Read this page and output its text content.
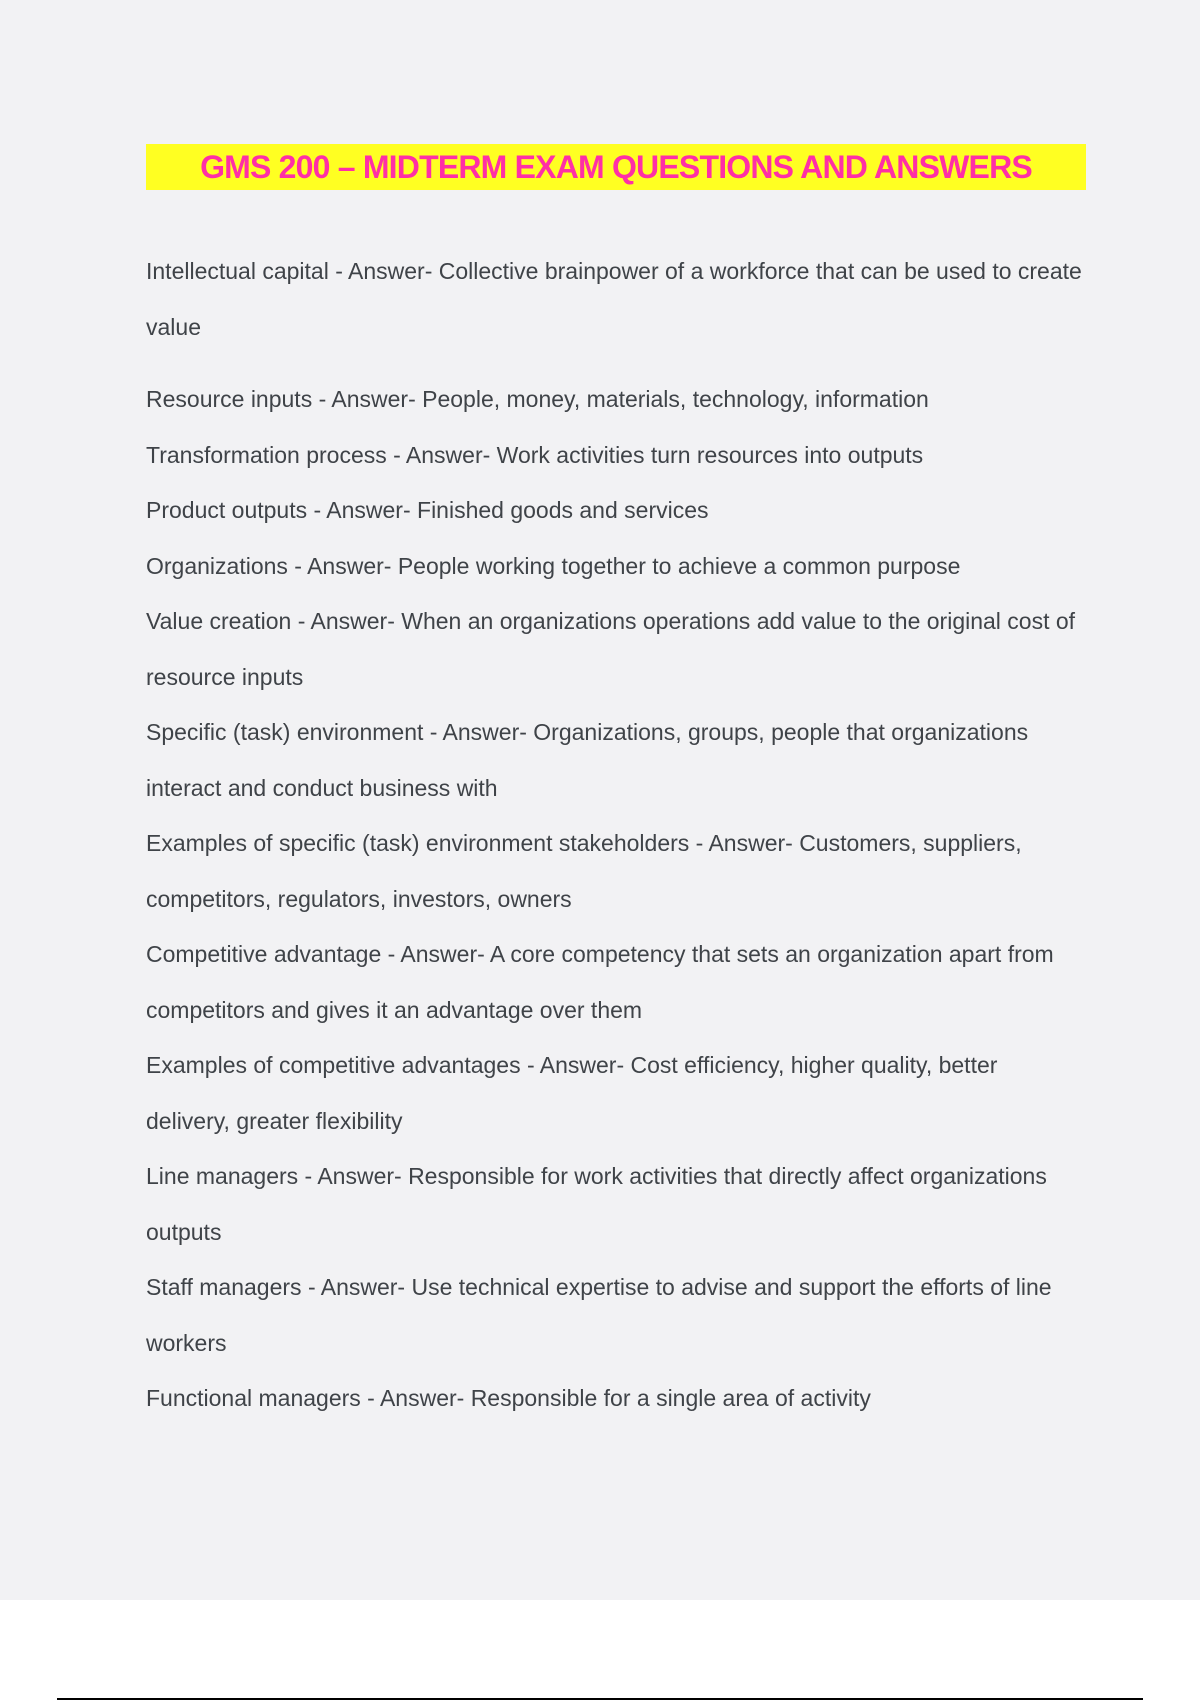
GMS 200 – MIDTERM EXAM QUESTIONS AND ANSWERS

Intellectual capital - Answer- Collective brainpower of a workforce that can be used to create value

Resource inputs - Answer- People, money, materials, technology, information

Transformation process - Answer- Work activities turn resources into outputs

Product outputs - Answer- Finished goods and services

Organizations - Answer- People working together to achieve a common purpose

Value creation - Answer- When an organizations operations add value to the original cost of resource inputs

Specific (task) environment - Answer- Organizations, groups, people that organizations interact and conduct business with

Examples of specific (task) environment stakeholders - Answer- Customers, suppliers, competitors, regulators, investors, owners

Competitive advantage - Answer- A core competency that sets an organization apart from competitors and gives it an advantage over them

Examples of competitive advantages - Answer- Cost efficiency, higher quality, better delivery, greater flexibility

Line managers - Answer- Responsible for work activities that directly affect organizations outputs

Staff managers - Answer- Use technical expertise to advise and support the efforts of line workers

Functional managers - Answer- Responsible for a single area of activity
